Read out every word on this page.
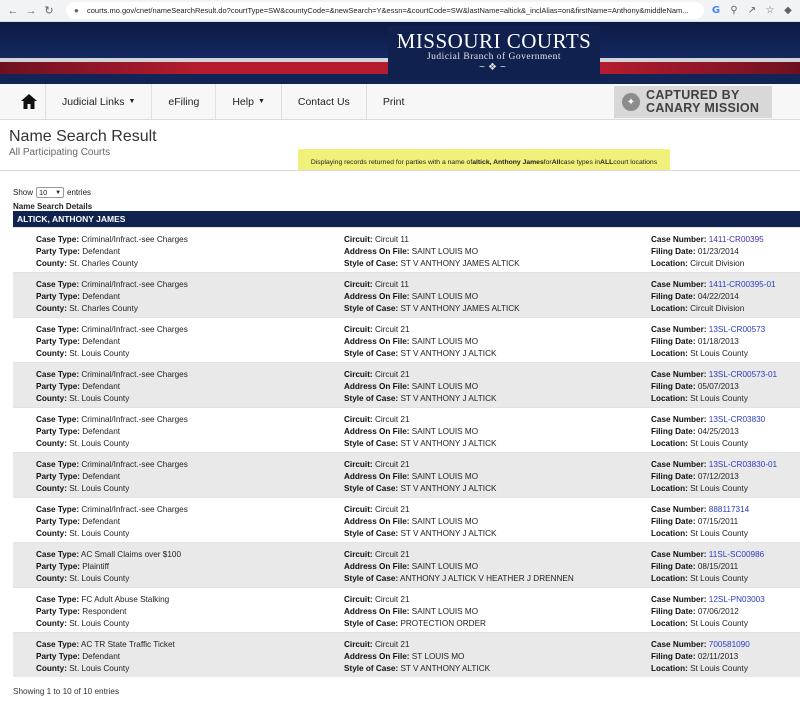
← → ↻	●	courts.mo.gov/cnet/nameSearchResult.do?courtType=SW&countyCode=&newSearch=Y&essn=&courtCode=SW&lastName=altick&_inclAlias=on&firstName=Anthony&middleNam...	G ⚲ ↗ ☆ ◆
MISSOURI COURTS
Judicial Branch of Government
~❖~
Judicial Links ▼	eFiling	Help ▼	Contact Us	Print	✦ CAPTURED BY
CANARY MISSION
Name Search Result
All Participating Courts
Displaying records returned for parties with a name of altick, Anthony James for All case types in ALL court locations
Show 10 ▼ entries
Name Search Details
ALTICK, ANTHONY JAMES
Case Type: Criminal/Infract.-see Charges
Party Type: Defendant
County: St. Charles County
Circuit: Circuit 11
Address On File: SAINT LOUIS MO
Style of Case: ST V ANTHONY JAMES ALTICK
Case Number: 1411-CR00395
Filing Date: 01/23/2014
Location: Circuit Division
Case Type: Criminal/Infract.-see Charges
Party Type: Defendant
County: St. Charles County
Circuit: Circuit 11
Address On File: SAINT LOUIS MO
Style of Case: ST V ANTHONY JAMES ALTICK
Case Number: 1411-CR00395-01
Filing Date: 04/22/2014
Location: Circuit Division
Case Type: Criminal/Infract.-see Charges
Party Type: Defendant
County: St. Louis County
Circuit: Circuit 21
Address On File: SAINT LOUIS MO
Style of Case: ST V ANTHONY J ALTICK
Case Number: 13SL-CR00573
Filing Date: 01/18/2013
Location: St Louis County
Case Type: Criminal/Infract.-see Charges
Party Type: Defendant
County: St. Louis County
Circuit: Circuit 21
Address On File: SAINT LOUIS MO
Style of Case: ST V ANTHONY J ALTICK
Case Number: 13SL-CR00573-01
Filing Date: 05/07/2013
Location: St Louis County
Case Type: Criminal/Infract.-see Charges
Party Type: Defendant
County: St. Louis County
Circuit: Circuit 21
Address On File: SAINT LOUIS MO
Style of Case: ST V ANTHONY J ALTICK
Case Number: 13SL-CR03830
Filing Date: 04/25/2013
Location: St Louis County
Case Type: Criminal/Infract.-see Charges
Party Type: Defendant
County: St. Louis County
Circuit: Circuit 21
Address On File: SAINT LOUIS MO
Style of Case: ST V ANTHONY J ALTICK
Case Number: 13SL-CR03830-01
Filing Date: 07/12/2013
Location: St Louis County
Case Type: Criminal/Infract.-see Charges
Party Type: Defendant
County: St. Louis County
Circuit: Circuit 21
Address On File: SAINT LOUIS MO
Style of Case: ST V ANTHONY J ALTICK
Case Number: 888117314
Filing Date: 07/15/2011
Location: St Louis County
Case Type: AC Small Claims over $100
Party Type: Plaintiff
County: St. Louis County
Circuit: Circuit 21
Address On File: SAINT LOUIS MO
Style of Case: ANTHONY J ALTICK V HEATHER J DRENNEN
Case Number: 11SL-SC00986
Filing Date: 08/15/2011
Location: St Louis County
Case Type: FC Adult Abuse Stalking
Party Type: Respondent
County: St. Louis County
Circuit: Circuit 21
Address On File: SAINT LOUIS MO
Style of Case: PROTECTION ORDER
Case Number: 12SL-PN03003
Filing Date: 07/06/2012
Location: St Louis County
Case Type: AC TR State Traffic Ticket
Party Type: Defendant
County: St. Louis County
Circuit: Circuit 21
Address On File: ST LOUIS MO
Style of Case: ST V ANTHONY ALTICK
Case Number: 700581090
Filing Date: 02/11/2013
Location: St Louis County
Showing 1 to 10 of 10 entries
